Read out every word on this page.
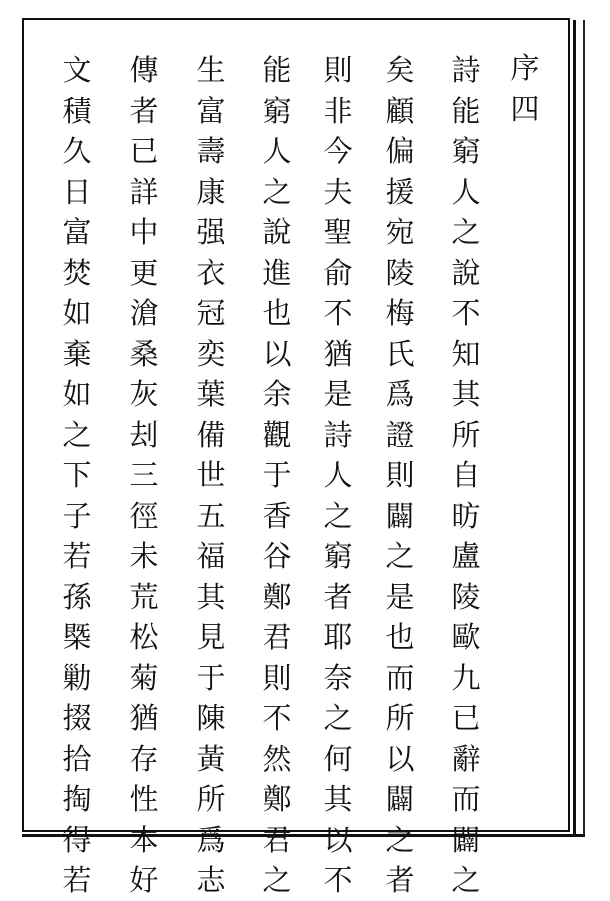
序
四
詩
能
窮
人
之
說
不
知
其
所
自
昉
盧
陵
歐
九
已
辭
而
闢
之
矣
顧
偏
援
宛
陵
梅
氏
爲
證
則
闢
之
是
也
而
所
以
闢
之
者
則
非
今
夫
聖
俞
不
猶
是
詩
人
之
窮
者
耶
奈
之
何
其
以
不
能
窮
人
之
說
進
也
以
余
觀
于
香
谷
鄭
君
則
不
然
鄭
君
之
生
富
壽
康
强
衣
冠
奕
葉
備
世
五
福
其
見
于
陳
黃
所
爲
志
傳
者
已
詳
中
更
滄
桑
灰
刦
三
徑
未
荒
松
菊
猶
存
性
本
好
文
積
久
日
富
焚
如
棄
如
之
下
子
若
孫
槩
勦
掇
拾
掏
得
若
